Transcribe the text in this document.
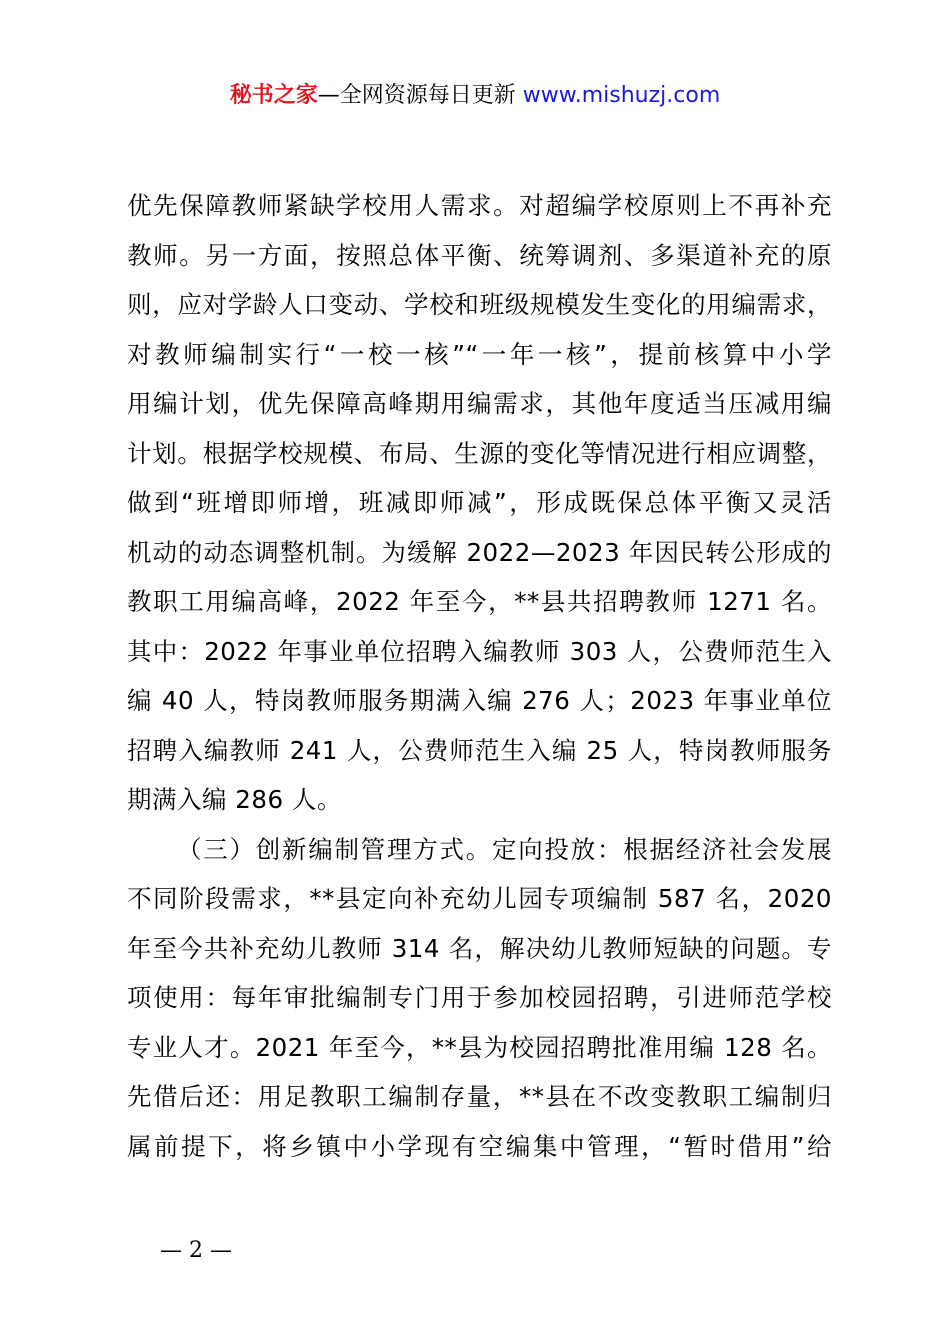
秘书之家—全网资源每日更新 www.mishuzj.com
优先保障教师紧缺学校用人需求。对超编学校原则上不再补充
教师。另一方面，按照总体平衡、统筹调剂、多渠道补充的原
则，应对学龄人口变动、学校和班级规模发生变化的用编需求，
对教师编制实行“一校一核”“一年一核”，提前核算中小学
用编计划，优先保障高峰期用编需求，其他年度适当压减用编
计划。根据学校规模、布局、生源的变化等情况进行相应调整，
做到“班增即师增，班减即师减”，形成既保总体平衡又灵活
机动的动态调整机制。为缓解 2022—2023 年因民转公形成的
教职工用编高峰，2022 年至今，**县共招聘教师 1271 名。
其中：2022 年事业单位招聘入编教师 303 人，公费师范生入
编 40 人，特岗教师服务期满入编 276 人；2023 年事业单位
招聘入编教师 241 人，公费师范生入编 25 人，特岗教师服务
期满入编 286 人。
（三）创新编制管理方式。定向投放：根据经济社会发展
不同阶段需求，**县定向补充幼儿园专项编制 587 名，2020
年至今共补充幼儿教师 314 名，解决幼儿教师短缺的问题。专
项使用：每年审批编制专门用于参加校园招聘，引进师范学校
专业人才。2021 年至今，**县为校园招聘批准用编 128 名。
先借后还：用足教职工编制存量，**县在不改变教职工编制归
属前提下，将乡镇中小学现有空编集中管理，“暂时借用”给
— 2 —
